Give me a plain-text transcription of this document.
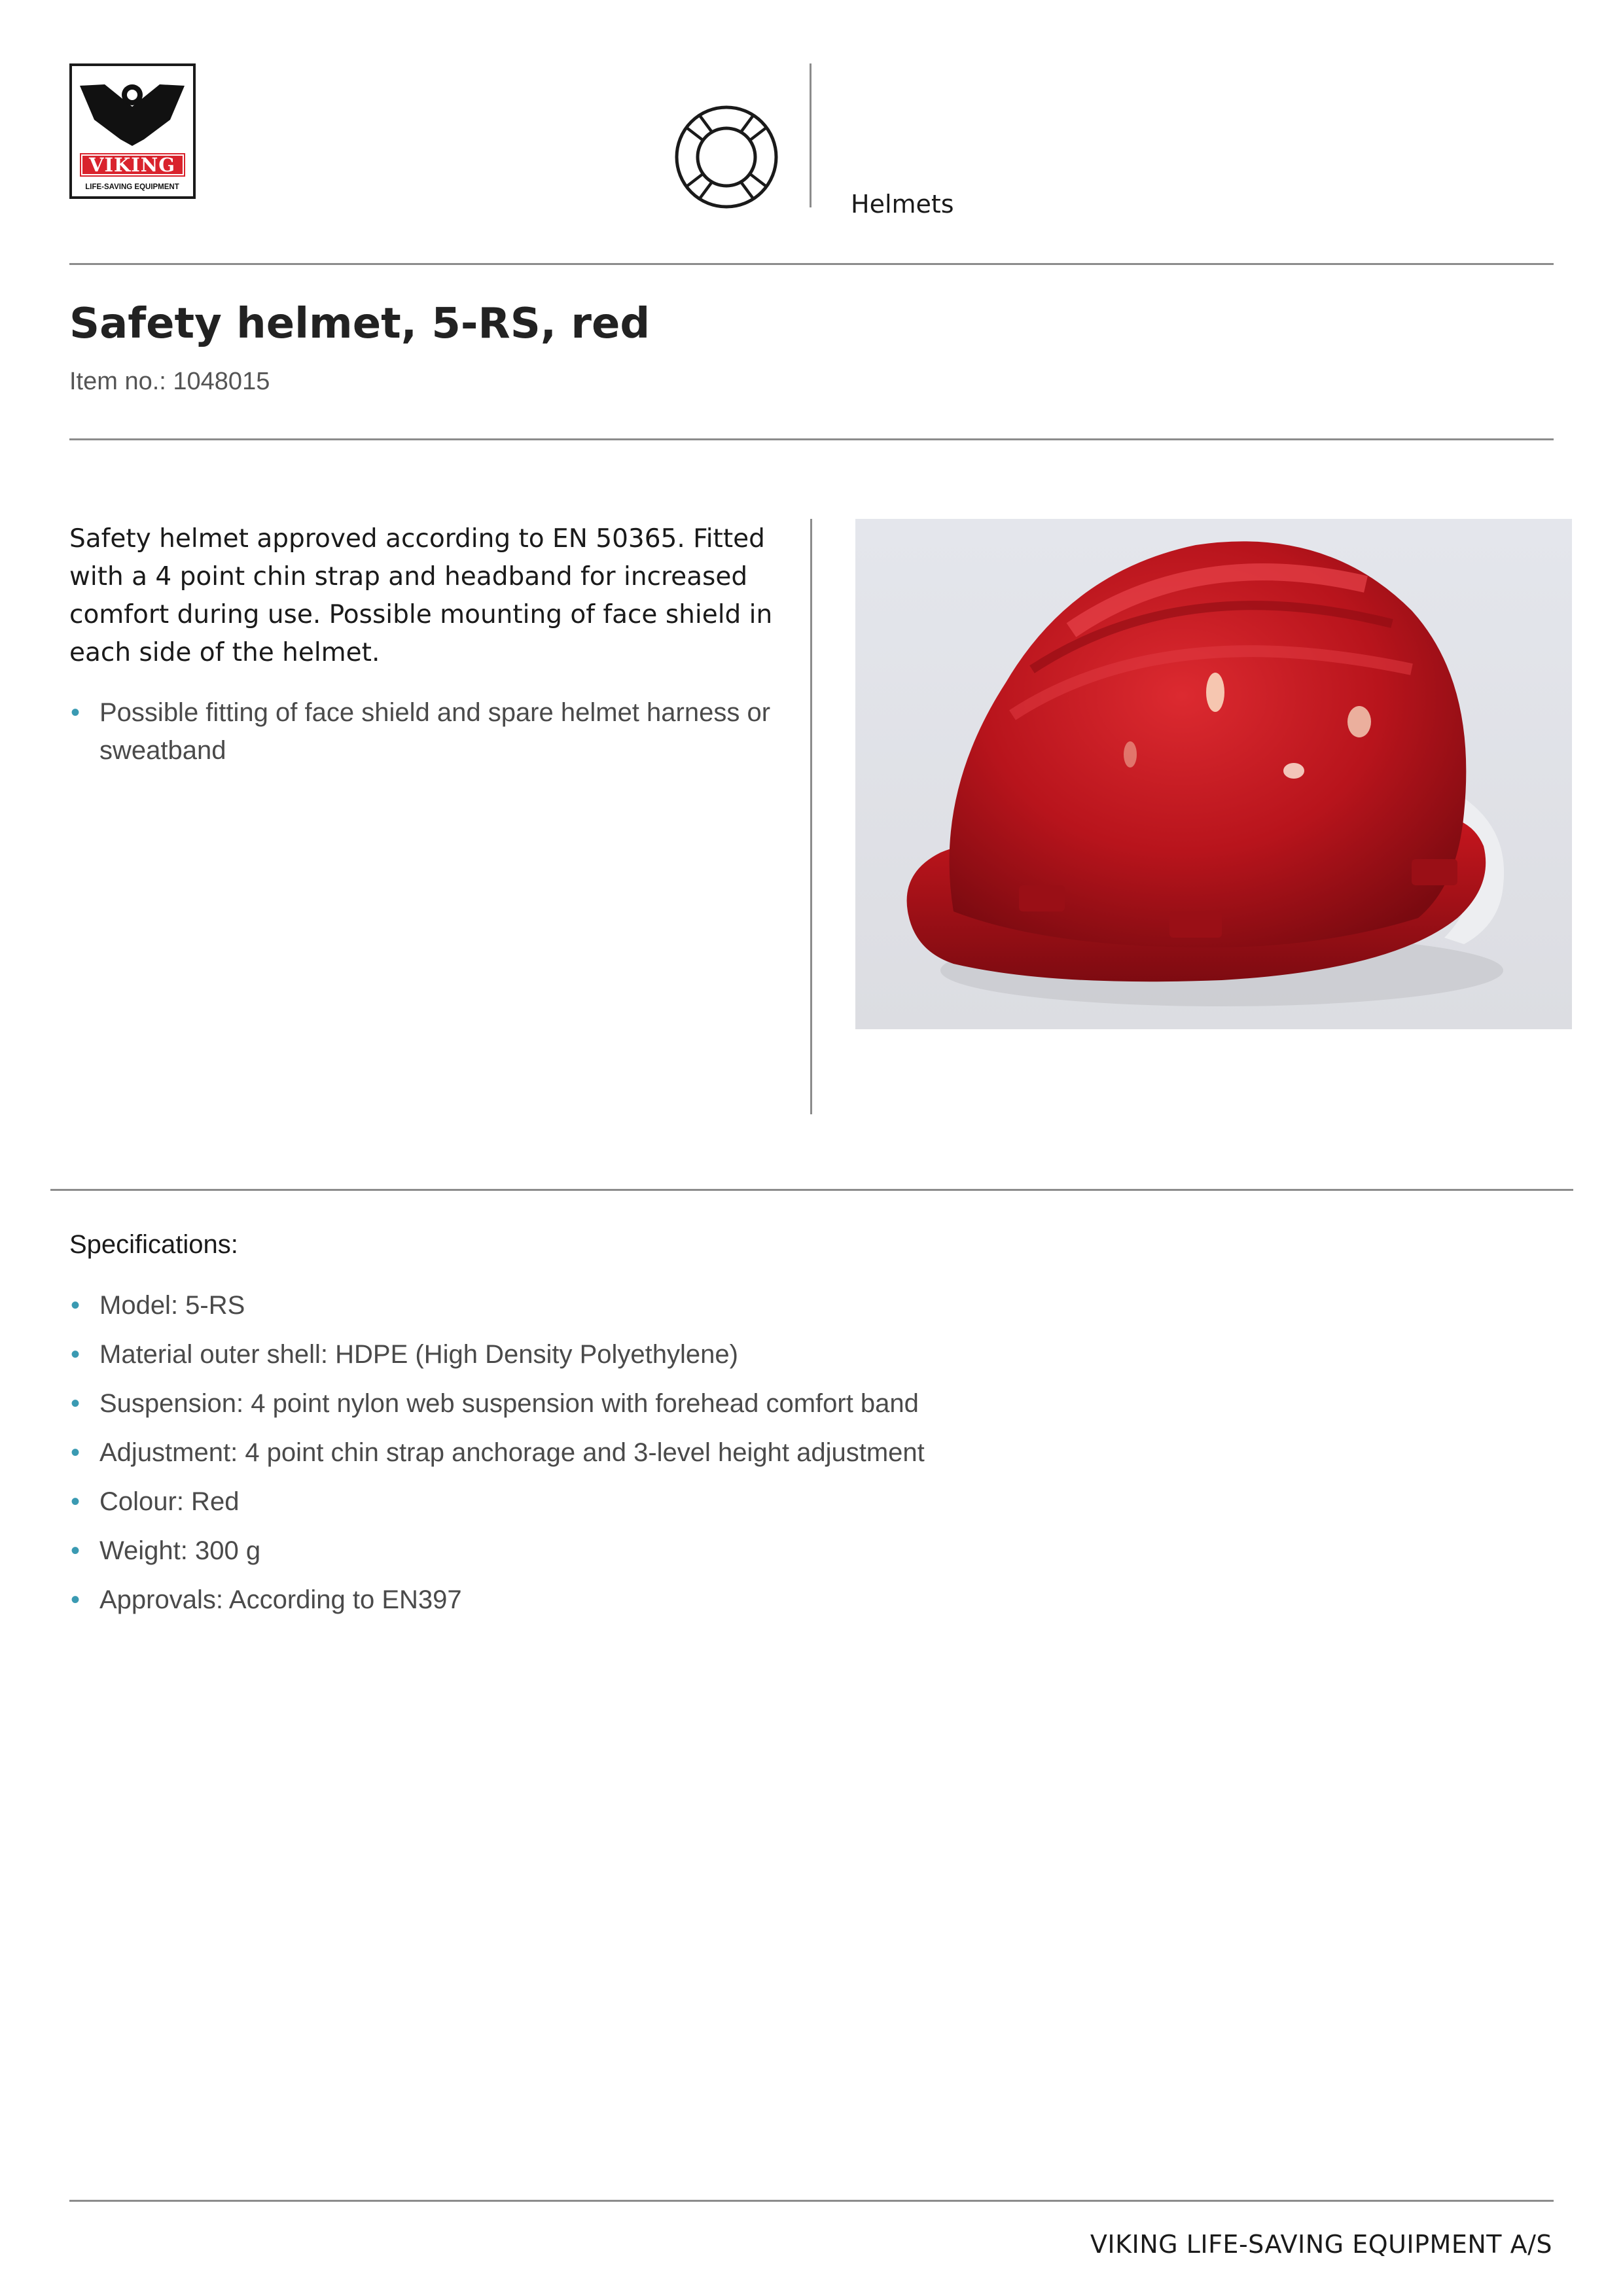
VIKING
LIFE-SAVING EQUIPMENT
Helmets
Safety helmet, 5-RS, red
Item no.: 1048015
Safety helmet approved according to EN 50365. Fitted with a 4 point chin strap and headband for increased comfort during use. Possible mounting of face shield in each side of the helmet.
• Possible fitting of face shield and spare helmet harness or sweatband
Specifications:
• Model: 5-RS
• Material outer shell: HDPE (High Density Polyethylene)
• Suspension: 4 point nylon web suspension with forehead comfort band
• Adjustment: 4 point chin strap anchorage and 3-level height adjustment
• Colour: Red
• Weight: 300 g
• Approvals: According to EN397
VIKING LIFE-SAVING EQUIPMENT A/S
